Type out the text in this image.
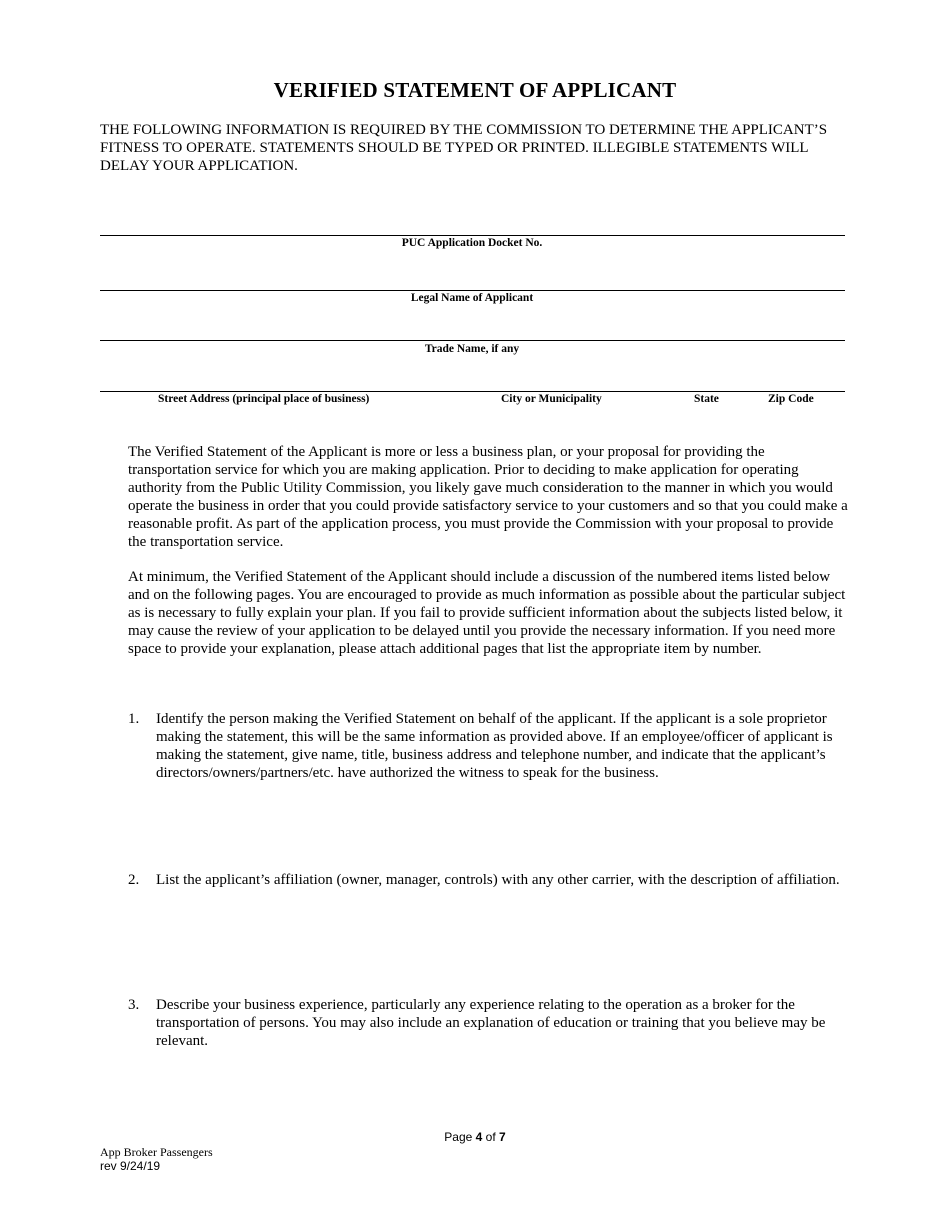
VERIFIED STATEMENT OF APPLICANT
THE FOLLOWING INFORMATION IS REQUIRED BY THE COMMISSION TO DETERMINE THE APPLICANT’S FITNESS TO OPERATE. STATEMENTS SHOULD BE TYPED OR PRINTED. ILLEGIBLE STATEMENTS WILL DELAY YOUR APPLICATION.
PUC Application Docket No.
Legal Name of Applicant
Trade Name, if any
Street Address (principal place of business)	City or Municipality	State	Zip Code
The Verified Statement of the Applicant is more or less a business plan, or your proposal for providing the transportation service for which you are making application. Prior to deciding to make application for operating authority from the Public Utility Commission, you likely gave much consideration to the manner in which you would operate the business in order that you could provide satisfactory service to your customers and so that you could make a reasonable profit. As part of the application process, you must provide the Commission with your proposal to provide the transportation service.
At minimum, the Verified Statement of the Applicant should include a discussion of the numbered items listed below and on the following pages. You are encouraged to provide as much information as possible about the particular subject as is necessary to fully explain your plan. If you fail to provide sufficient information about the subjects listed below, it may cause the review of your application to be delayed until you provide the necessary information. If you need more space to provide your explanation, please attach additional pages that list the appropriate item by number.
1. Identify the person making the Verified Statement on behalf of the applicant. If the applicant is a sole proprietor making the statement, this will be the same information as provided above. If an employee/officer of applicant is making the statement, give name, title, business address and telephone number, and indicate that the applicant’s directors/owners/partners/etc. have authorized the witness to speak for the business.
2. List the applicant’s affiliation (owner, manager, controls) with any other carrier, with the description of affiliation.
3. Describe your business experience, particularly any experience relating to the operation as a broker for the transportation of persons. You may also include an explanation of education or training that you believe may be relevant.
Page 4 of 7
App Broker Passengers
rev 9/24/19
